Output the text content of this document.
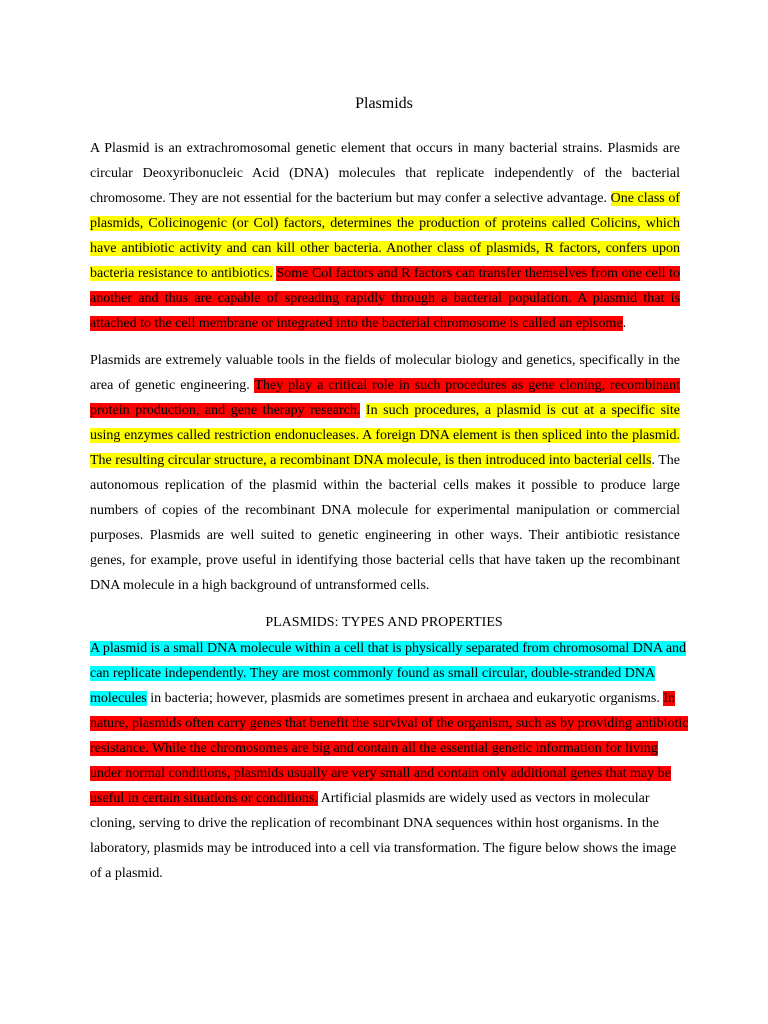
Plasmids

A Plasmid is an extrachromosomal genetic element that occurs in many bacterial strains. Plasmids are circular Deoxyribonucleic Acid (DNA) molecules that replicate independently of the bacterial chromosome. They are not essential for the bacterium but may confer a selective advantage. One class of plasmids, Colicinogenic (or Col) factors, determines the production of proteins called Colicins, which have antibiotic activity and can kill other bacteria. Another class of plasmids, R factors, confers upon bacteria resistance to antibiotics. Some Col factors and R factors can transfer themselves from one cell to another and thus are capable of spreading rapidly through a bacterial population. A plasmid that is attached to the cell membrane or integrated into the bacterial chromosome is called an episome.

Plasmids are extremely valuable tools in the fields of molecular biology and genetics, specifically in the area of genetic engineering. They play a critical role in such procedures as gene cloning, recombinant protein production, and gene therapy research. In such procedures, a plasmid is cut at a specific site using enzymes called restriction endonucleases. A foreign DNA element is then spliced into the plasmid. The resulting circular structure, a recombinant DNA molecule, is then introduced into bacterial cells. The autonomous replication of the plasmid within the bacterial cells makes it possible to produce large numbers of copies of the recombinant DNA molecule for experimental manipulation or commercial purposes. Plasmids are well suited to genetic engineering in other ways. Their antibiotic resistance genes, for example, prove useful in identifying those bacterial cells that have taken up the recombinant DNA molecule in a high background of untransformed cells.

PLASMIDS: TYPES AND PROPERTIES

A plasmid is a small DNA molecule within a cell that is physically separated from chromosomal DNA and can replicate independently. They are most commonly found as small circular, double-stranded DNA molecules in bacteria; however, plasmids are sometimes present in archaea and eukaryotic organisms. In nature, plasmids often carry genes that benefit the survival of the organism, such as by providing antibiotic resistance. While the chromosomes are big and contain all the essential genetic information for living under normal conditions, plasmids usually are very small and contain only additional genes that may be useful in certain situations or conditions. Artificial plasmids are widely used as vectors in molecular cloning, serving to drive the replication of recombinant DNA sequences within host organisms. In the laboratory, plasmids may be introduced into a cell via transformation. The figure below shows the image of a plasmid.
